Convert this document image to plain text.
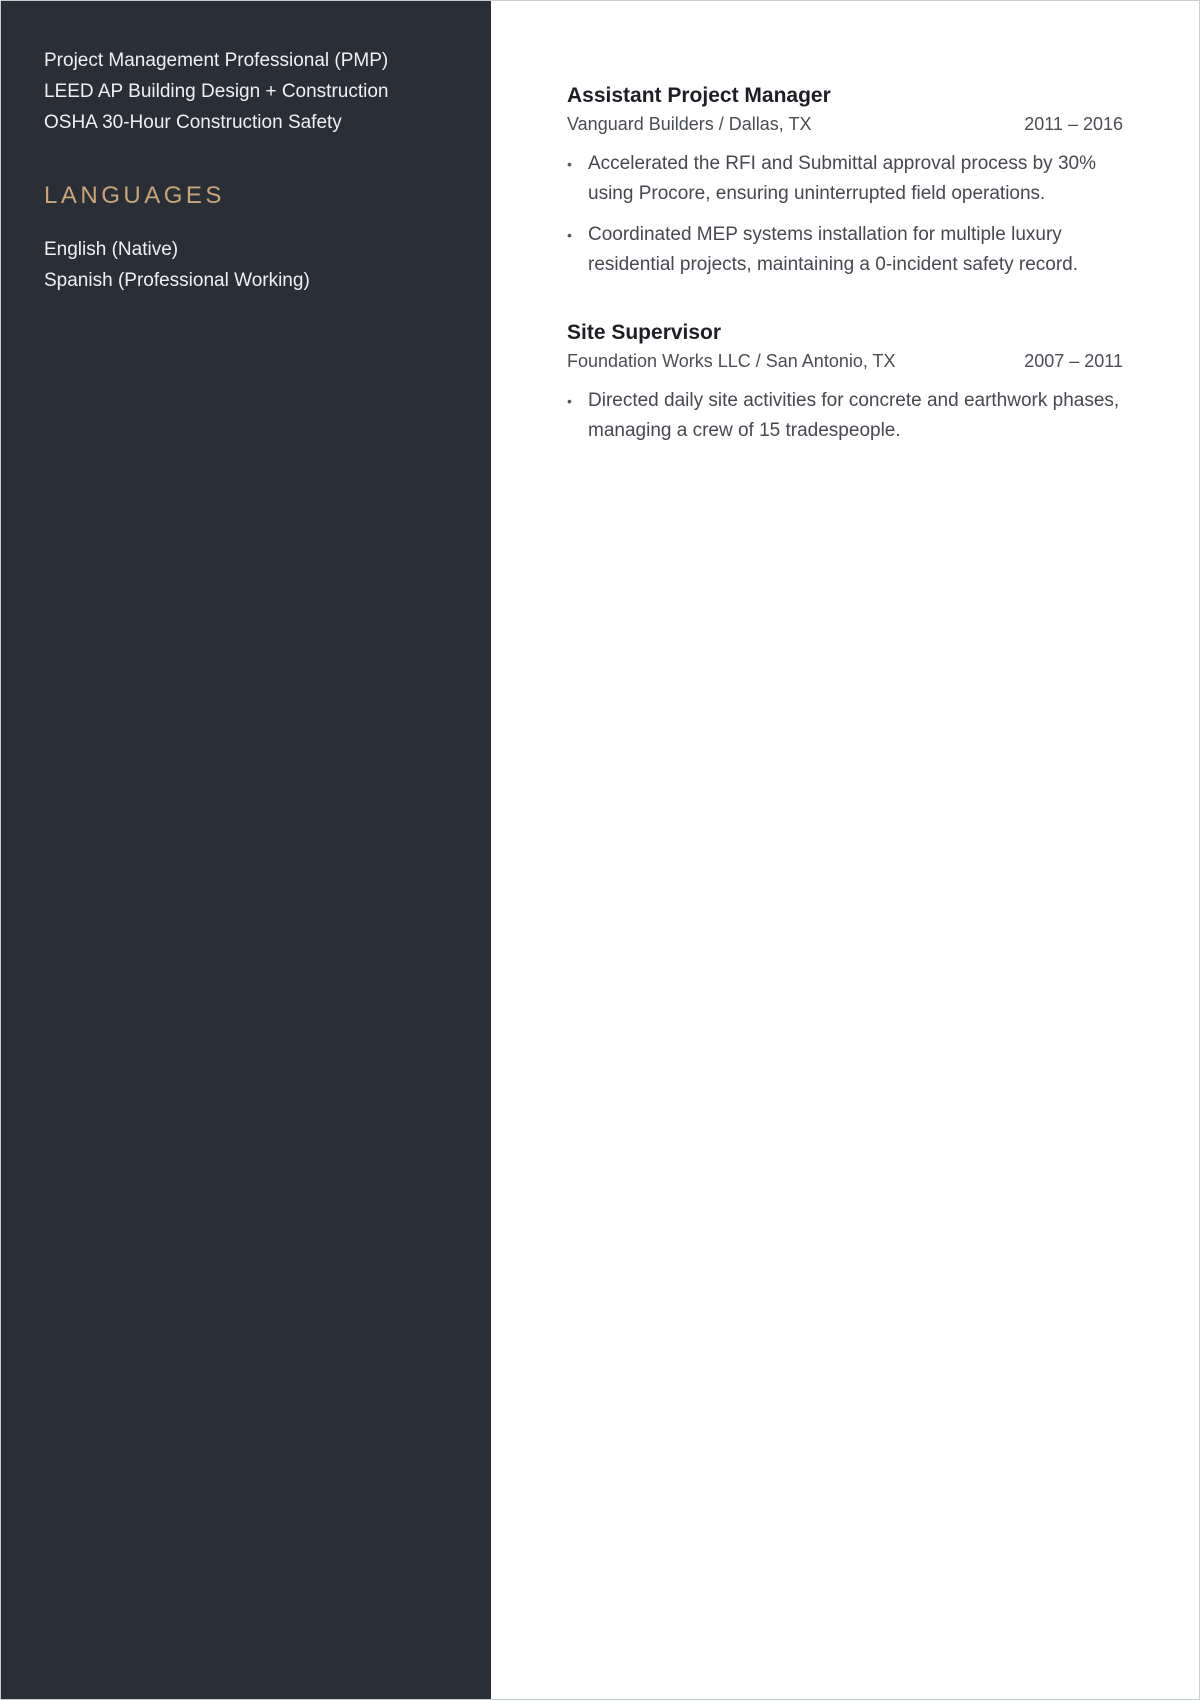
Project Management Professional (PMP)
LEED AP Building Design + Construction
OSHA 30-Hour Construction Safety
LANGUAGES
English (Native)
Spanish (Professional Working)
Assistant Project Manager
Vanguard Builders / Dallas, TX	2011 – 2016
• Accelerated the RFI and Submittal approval process by 30% using Procore, ensuring uninterrupted field operations.
• Coordinated MEP systems installation for multiple luxury residential projects, maintaining a 0-incident safety record.
Site Supervisor
Foundation Works LLC / San Antonio, TX	2007 – 2011
• Directed daily site activities for concrete and earthwork phases, managing a crew of 15 tradespeople.
